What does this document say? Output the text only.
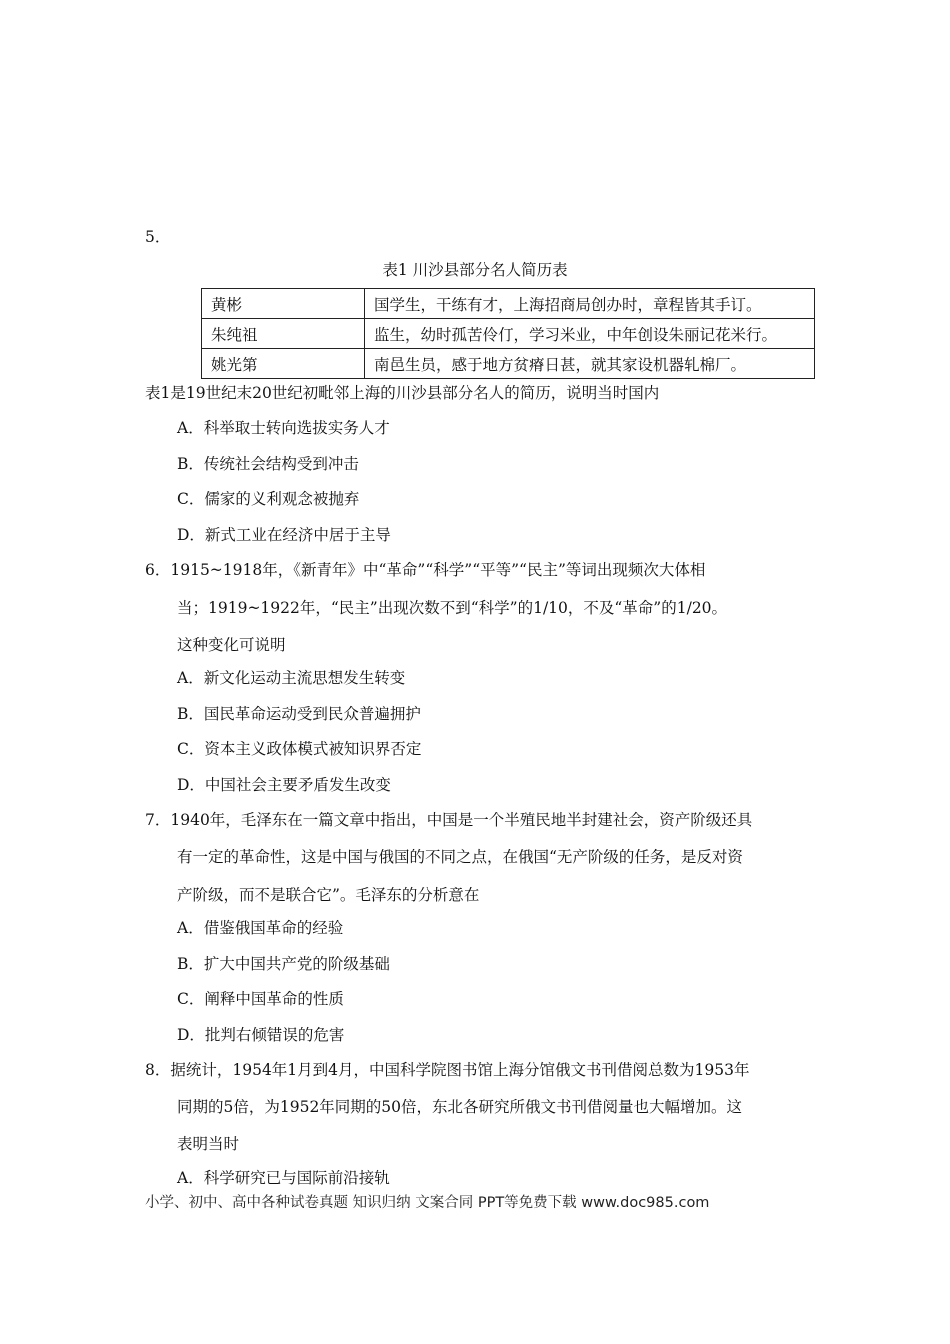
5．
表1 川沙县部分名人简历表
黄彬	国学生，干练有才，上海招商局创办时，章程皆其手订。
朱纯祖	监生，幼时孤苦伶仃，学习米业，中年创设朱丽记花米行。
姚光第	南邑生员，感于地方贫瘠日甚，就其家设机器轧棉厂。
表1是19世纪末20世纪初毗邻上海的川沙县部分名人的简历，说明当时国内
A．科举取士转向选拔实务人才
B．传统社会结构受到冲击
C．儒家的义利观念被抛弃
D．新式工业在经济中居于主导
6．1915~1918年，《新青年》中“革命”“科学”“平等”“民主”等词出现频次大体相
当；1919~1922年，“民主”出现次数不到“科学”的1/10，不及“革命”的1/20。
这种变化可说明
A．新文化运动主流思想发生转变
B．国民革命运动受到民众普遍拥护
C．资本主义政体模式被知识界否定
D．中国社会主要矛盾发生改变
7．1940年，毛泽东在一篇文章中指出，中国是一个半殖民地半封建社会，资产阶级还具
有一定的革命性，这是中国与俄国的不同之点，在俄国“无产阶级的任务，是反对资
产阶级，而不是联合它”。毛泽东的分析意在
A．借鉴俄国革命的经验
B．扩大中国共产党的阶级基础
C．阐释中国革命的性质
D．批判右倾错误的危害
8．据统计，1954年1月到4月，中国科学院图书馆上海分馆俄文书刊借阅总数为1953年
同期的5倍，为1952年同期的50倍，东北各研究所俄文书刊借阅量也大幅增加。这
表明当时
A．科学研究已与国际前沿接轨
小学、初中、高中各种试卷真题 知识归纳 文案合同 PPT等免费下载 www.doc985.com
